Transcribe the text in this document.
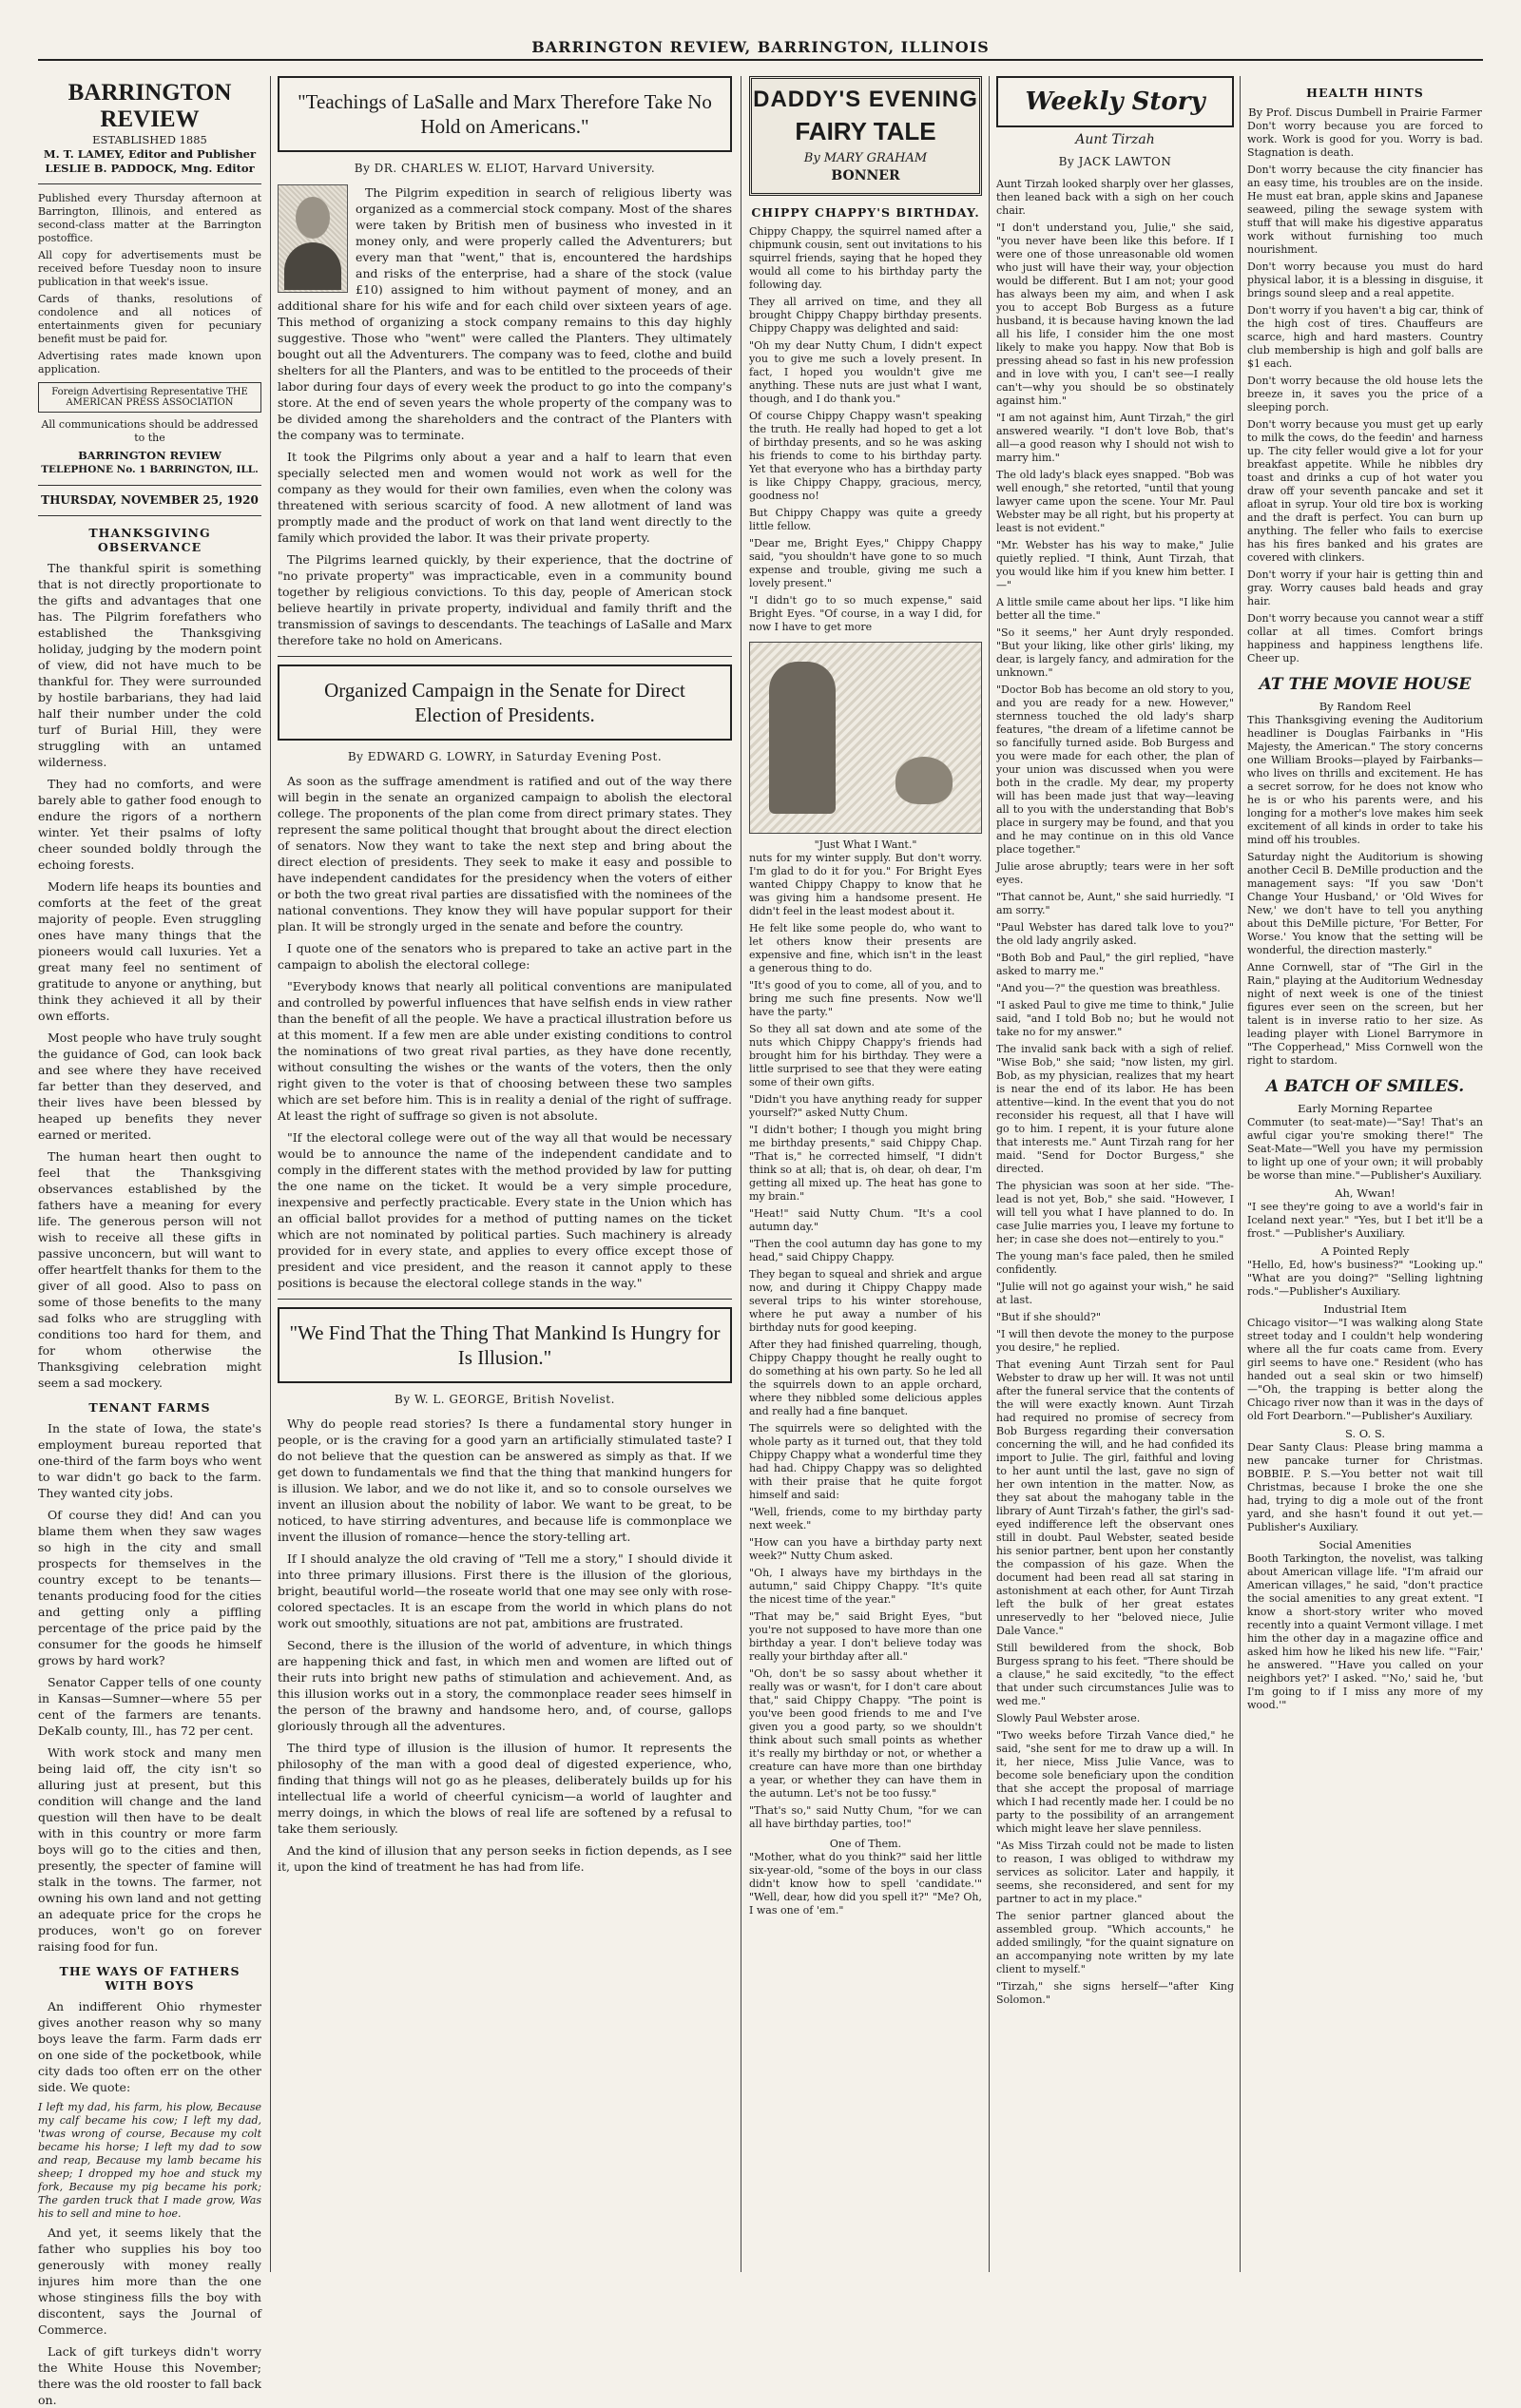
BARRINGTON REVIEW, BARRINGTON, ILLINOIS
BARRINGTON REVIEW
ESTABLISHED 1885
M. T. LAMEY, Editor and Publisher
LESLIE B. PADDOCK, Mng. Editor

Published every Thursday afternoon at Barrington, Illinois, and entered as second-class matter at the Barrington postoffice.

All copy for advertisements must be received before Tuesday noon to insure publication in that week's issue.

Cards of thanks, resolutions of condolence and all notices of entertainments given for pecuniary benefit must be paid for.

Advertising rates made known upon application.

Foreign Advertising Representative THE AMERICAN PRESS ASSOCIATION

All communications should be addressed to the

BARRINGTON REVIEW
TELEPHONE No. 1 BARRINGTON, ILL.
THURSDAY, NOVEMBER 25, 1920
THANKSGIVING OBSERVANCE

The thankful spirit is something that is not directly proportionate to the gifts and advantages that one has. The Pilgrim forefathers who established the Thanksgiving holiday, judging by the modern point of view, did not have much to be thankful for. They were surrounded by hostile barbarians, they had laid half their number under the cold turf of Burial Hill, they were struggling with an untamed wilderness.

They had no comforts, and were barely able to gather food enough to endure the rigors of a northern winter. Yet their psalms of lofty cheer sounded boldly through the echoing forests.

Modern life heaps its bounties and comforts at the feet of the great majority of people. Even struggling ones have many things that the pioneers would call luxuries. Yet a great many feel no sentiment of gratitude to anyone or anything, but think they achieved it all by their own efforts.

Most people who have truly sought the guidance of God, can look back and see where they have received far better than they deserved, and their lives have been blessed by heaped up benefits they never earned or merited.

The human heart then ought to feel that the Thanksgiving observances established by the fathers have a meaning for every life. The generous person will not wish to receive all these gifts in passive unconcern, but will want to offer heartfelt thanks for them to the giver of all good. Also to pass on some of those benefits to the many sad folks who are struggling with conditions too hard for them, and for whom otherwise the Thanksgiving celebration might seem a sad mockery.

TENANT FARMS

In the state of Iowa, the state's employment bureau reported that one-third of the farm boys who went to war didn't go back to the farm. They wanted city jobs.

Of course they did! And can you blame them when they saw wages so high in the city and small prospects for themselves in the country except to be tenants—tenants producing food for the cities and getting only a piffling percentage of the price paid by the consumer for the goods he himself grows by hard work?

Senator Capper tells of one county in Kansas—Sumner—where 55 per cent of the farmers are tenants. DeKalb county, Ill., has 72 per cent.

With work stock and many men being laid off, the city isn't so alluring just at present, but this condition will change and the land question will then have to be dealt with in this country or more farm boys will go to the cities and then, presently, the specter of famine will stalk in the towns. The farmer, not owning his own land and not getting an adequate price for the crops he produces, won't go on forever raising food for fun.

THE WAYS OF FATHERS WITH BOYS

An indifferent Ohio rhymester gives another reason why so many boys leave the farm. Farm dads err on one side of the pocketbook, while city dads too often err on the other side. We quote:

I left my dad, his farm, his plow, Because my calf became his cow; I left my dad, 'twas wrong of course, Because my colt became his horse; I left my dad to sow and reap, Because my lamb became his sheep; I dropped my hoe and stuck my fork, Because my pig became his pork; The garden truck that I made grow, Was his to sell and mine to hoe.

And yet, it seems likely that the father who supplies his boy too generously with money really injures him more than the one whose stinginess fills the boy with discontent, says the Journal of Commerce.

Lack of gift turkeys didn't worry the White House this November; there was the old rooster to fall back on.

"Teachings of LaSalle and Marx Therefore Take No Hold on Americans."
By DR. CHARLES W. ELIOT, Harvard University.

The Pilgrim expedition in search of religious liberty was organized as a commercial stock company. Most of the shares were taken by British men of business who invested in it money only, and were properly called the Adventurers; but every man that "went," that is, encountered the hardships and risks of the enterprise, had a share of the stock (value £10) assigned to him without payment of money, and an additional share for his wife and for each child over sixteen years of age. This method of organizing a stock company remains to this day highly suggestive. Those who "went" were called the Planters. They ultimately bought out all the Adventurers. The company was to feed, clothe and build shelters for all the Planters, and was to be entitled to the proceeds of their labor during four days of every week the product to go into the company's store. At the end of seven years the whole property of the company was to be divided among the shareholders and the contract of the Planters with the company was to terminate.

It took the Pilgrims only about a year and a half to learn that even specially selected men and women would not work as well for the company as they would for their own families, even when the colony was threatened with serious scarcity of food. A new allotment of land was promptly made and the product of work on that land went directly to the family which provided the labor. It was their private property.

The Pilgrims learned quickly, by their experience, that the doctrine of "no private property" was impracticable, even in a community bound together by religious convictions. To this day, people of American stock believe heartily in private property, individual and family thrift and the transmission of savings to descendants. The teachings of LaSalle and Marx therefore take no hold on Americans.

Organized Campaign in the Senate for Direct Election of Presidents.
By EDWARD G. LOWRY, in Saturday Evening Post.

As soon as the suffrage amendment is ratified and out of the way there will begin in the senate an organized campaign to abolish the electoral college. The proponents of the plan come from direct primary states. They represent the same political thought that brought about the direct election of senators. Now they want to take the next step and bring about the direct election of presidents. They seek to make it easy and possible to have independent candidates for the presidency when the voters of either or both the two great rival parties are dissatisfied with the nominees of the national conventions. They know they will have popular support for their plan. It will be strongly urged in the senate and before the country.

I quote one of the senators who is prepared to take an active part in the campaign to abolish the electoral college:

"Everybody knows that nearly all political conventions are manipulated and controlled by powerful influences that have selfish ends in view rather than the benefit of all the people. We have a practical illustration before us at this moment. If a few men are able under existing conditions to control the nominations of two great rival parties, as they have done recently, without consulting the wishes or the wants of the voters, then the only right given to the voter is that of choosing between these two samples which are set before him. This is in reality a denial of the right of suffrage. At least the right of suffrage so given is not absolute.

"If the electoral college were out of the way all that would be necessary would be to announce the name of the independent candidate and to comply in the different states with the method provided by law for putting the one name on the ticket. It would be a very simple procedure, inexpensive and perfectly practicable. Every state in the Union which has an official ballot provides for a method of putting names on the ticket which are not nominated by political parties. Such machinery is already provided for in every state, and applies to every office except those of president and vice president, and the reason it cannot apply to these positions is because the electoral college stands in the way."

"We Find That the Thing That Mankind Is Hungry for Is Illusion."
By W. L. GEORGE, British Novelist.

Why do people read stories? Is there a fundamental story hunger in people, or is the craving for a good yarn an artificially stimulated taste? I do not believe that the question can be answered as simply as that. If we get down to fundamentals we find that the thing that mankind hungers for is illusion. We labor, and we do not like it, and so to console ourselves we invent an illusion about the nobility of labor. We want to be great, to be noticed, to have stirring adventures, and because life is commonplace we invent the illusion of romance—hence the story-telling art.

If I should analyze the old craving of "Tell me a story," I should divide it into three primary illusions. First there is the illusion of the glorious, bright, beautiful world—the roseate world that one may see only with rose-colored spectacles. It is an escape from the world in which plans do not work out smoothly, situations are not pat, ambitions are frustrated.

Second, there is the illusion of the world of adventure, in which things are happening thick and fast, in which men and women are lifted out of their ruts into bright new paths of stimulation and achievement. And, as this illusion works out in a story, the commonplace reader sees himself in the person of the brawny and handsome hero, and, of course, gallops gloriously through all the adventures.

The third type of illusion is the illusion of humor. It represents the philosophy of the man with a good deal of digested experience, who, finding that things will not go as he pleases, deliberately builds up for his intellectual life a world of cheerful cynicism—a world of laughter and merry doings, in which the blows of real life are softened by a refusal to take them seriously.

And the kind of illusion that any person seeks in fiction depends, as I see it, upon the kind of treatment he has had from life.

DADDY'S EVENING
FAIRY TALE
By MARY GRAHAM
BONNER
CHIPPY CHAPPY'S BIRTHDAY.

Chippy Chappy, the squirrel named after a chipmunk cousin, sent out invitations to his squirrel friends, saying that he hoped they would all come to his birthday party the following day.

They all arrived on time, and they all brought Chippy Chappy birthday presents. Chippy Chappy was delighted and said:

"Oh my dear Nutty Chum, I didn't expect you to give me such a lovely present. In fact, I hoped you wouldn't give me anything. These nuts are just what I want, though, and I do thank you."

Of course Chippy Chappy wasn't speaking the truth. He really had hoped to get a lot of birthday presents, and so he was asking his friends to come to his birthday party. Yet that everyone who has a birthday party is like Chippy Chappy, gracious, mercy, goodness no!

But Chippy Chappy was quite a greedy little fellow.

"Dear me, Bright Eyes," Chippy Chappy said, "you shouldn't have gone to so much expense and trouble, giving me such a lovely present."

"I didn't go to so much expense," said Bright Eyes. "Of course, in a way I did, for now I have to get more

"Just What I Want."

nuts for my winter supply. But don't worry. I'm glad to do it for you." For Bright Eyes wanted Chippy Chappy to know that he was giving him a handsome present. He didn't feel in the least modest about it.

He felt like some people do, who want to let others know their presents are expensive and fine, which isn't in the least a generous thing to do.

"It's good of you to come, all of you, and to bring me such fine presents. Now we'll have the party."

So they all sat down and ate some of the nuts which Chippy Chappy's friends had brought him for his birthday. They were a little surprised to see that they were eating some of their own gifts.

"Didn't you have anything ready for supper yourself?" asked Nutty Chum.

"I didn't bother; I though you might bring me birthday presents," said Chippy Chap. "That is," he corrected himself, "I didn't think so at all; that is, oh dear, oh dear, I'm getting all mixed up. The heat has gone to my brain."

"Heat!" said Nutty Chum. "It's a cool autumn day."

"Then the cool autumn day has gone to my head," said Chippy Chappy.

They began to squeal and shriek and argue now, and during it Chippy Chappy made several trips to his winter storehouse, where he put away a number of his birthday nuts for good keeping.

After they had finished quarreling, though, Chippy Chappy thought he really ought to do something at his own party. So he led all the squirrels down to an apple orchard, where they nibbled some delicious apples and really had a fine banquet.

The squirrels were so delighted with the whole party as it turned out, that they told Chippy Chappy what a wonderful time they had had. Chippy Chappy was so delighted with their praise that he quite forgot himself and said:

"Well, friends, come to my birthday party next week."

"How can you have a birthday party next week?" Nutty Chum asked.

"Oh, I always have my birthdays in the autumn," said Chippy Chappy. "It's quite the nicest time of the year."

"That may be," said Bright Eyes, "but you're not supposed to have more than one birthday a year. I don't believe today was really your birthday after all."

"Oh, don't be so sassy about whether it really was or wasn't, for I don't care about that," said Chippy Chappy. "The point is you've been good friends to me and I've given you a good party, so we shouldn't think about such small points as whether it's really my birthday or not, or whether a creature can have more than one birthday a year, or whether they can have them in the autumn. Let's not be too fussy."

"That's so," said Nutty Chum, "for we can all have birthday parties, too!"

One of Them.

"Mother, what do you think?" said her little six-year-old, "some of the boys in our class didn't know how to spell 'candidate.'" "Well, dear, how did you spell it?" "Me? Oh, I was one of 'em."

Weekly Story
Aunt Tirzah
By JACK LAWTON

Aunt Tirzah looked sharply over her glasses, then leaned back with a sigh on her couch chair.

"I don't understand you, Julie," she said, "you never have been like this before. If I were one of those unreasonable old women who just will have their way, your objection would be different. But I am not; your good has always been my aim, and when I ask you to accept Bob Burgess as a future husband, it is because having known the lad all his life, I consider him the one most likely to make you happy. Now that Bob is pressing ahead so fast in his new profession and in love with you, I can't see—I really can't—why you should be so obstinately against him."

"I am not against him, Aunt Tirzah," the girl answered wearily. "I don't love Bob, that's all—a good reason why I should not wish to marry him."

The old lady's black eyes snapped. "Bob was well enough," she retorted, "until that young lawyer came upon the scene. Your Mr. Paul Webster may be all right, but his property at least is not evident."

"Mr. Webster has his way to make," Julie quietly replied. "I think, Aunt Tirzah, that you would like him if you knew him better. I—"

A little smile came about her lips. "I like him better all the time."

"So it seems," her Aunt dryly responded. "But your liking, like other girls' liking, my dear, is largely fancy, and admiration for the unknown."

"Doctor Bob has become an old story to you, and you are ready for a new. However," sternness touched the old lady's sharp features, "the dream of a lifetime cannot be so fancifully turned aside. Bob Burgess and you were made for each other, the plan of your union was discussed when you were both in the cradle. My dear, my property will has been made just that way—leaving all to you with the understanding that Bob's place in surgery may be found, and that you and he may continue on in this old Vance place together."

Julie arose abruptly; tears were in her soft eyes.

"That cannot be, Aunt," she said hurriedly. "I am sorry."

"Paul Webster has dared talk love to you?" the old lady angrily asked.

"Both Bob and Paul," the girl replied, "have asked to marry me."

"And you—?" the question was breathless.

"I asked Paul to give me time to think," Julie said, "and I told Bob no; but he would not take no for my answer."

The invalid sank back with a sigh of relief. "Wise Bob," she said; "now listen, my girl. Bob, as my physician, realizes that my heart is near the end of its labor. He has been attentive—kind. In the event that you do not reconsider his request, all that I have will go to him. I repent, it is your future alone that interests me." Aunt Tirzah rang for her maid. "Send for Doctor Burgess," she directed.

The physician was soon at her side. "The-lead is not yet, Bob," she said. "However, I will tell you what I have planned to do. In case Julie marries you, I leave my fortune to her; in case she does not—entirely to you."

The young man's face paled, then he smiled confidently.

"Julie will not go against your wish," he said at last.

"But if she should?"

"I will then devote the money to the purpose you desire," he replied.

That evening Aunt Tirzah sent for Paul Webster to draw up her will. It was not until after the funeral service that the contents of the will were exactly known. Aunt Tirzah had required no promise of secrecy from Bob Burgess regarding their conversation concerning the will, and he had confided its import to Julie. The girl, faithful and loving to her aunt until the last, gave no sign of her own intention in the matter. Now, as they sat about the mahogany table in the library of Aunt Tirzah's father, the girl's sad-eyed indifference left the observant ones still in doubt. Paul Webster, seated beside his senior partner, bent upon her constantly the compassion of his gaze. When the document had been read all sat staring in astonishment at each other, for Aunt Tirzah left the bulk of her great estates unreservedly to her "beloved niece, Julie Dale Vance."

Still bewildered from the shock, Bob Burgess sprang to his feet. "There should be a clause," he said excitedly, "to the effect that under such circumstances Julie was to wed me."

Slowly Paul Webster arose.

"Two weeks before Tirzah Vance died," he said, "she sent for me to draw up a will. In it, her niece, Miss Julie Vance, was to become sole beneficiary upon the condition that she accept the proposal of marriage which I had recently made her. I could be no party to the possibility of an arrangement which might leave her slave penniless.

"As Miss Tirzah could not be made to listen to reason, I was obliged to withdraw my services as solicitor. Later and happily, it seems, she reconsidered, and sent for my partner to act in my place."

The senior partner glanced about the assembled group. "Which accounts," he added smilingly, "for the quaint signature on an accompanying note written by my late client to myself."

"Tirzah," she signs herself—"after King Solomon."

HEALTH HINTS
By Prof. Discus Dumbell in Prairie Farmer

Don't worry because you are forced to work. Work is good for you. Worry is bad. Stagnation is death.

Don't worry because the city financier has an easy time, his troubles are on the inside. He must eat bran, apple skins and Japanese seaweed, piling the sewage system with stuff that will make his digestive apparatus work without furnishing too much nourishment.

Don't worry because you must do hard physical labor, it is a blessing in disguise, it brings sound sleep and a real appetite.

Don't worry if you haven't a big car, think of the high cost of tires. Chauffeurs are scarce, high and hard masters. Country club membership is high and golf balls are $1 each.

Don't worry because the old house lets the breeze in, it saves you the price of a sleeping porch.

Don't worry because you must get up early to milk the cows, do the feedin' and harness up. The city feller would give a lot for your breakfast appetite. While he nibbles dry toast and drinks a cup of hot water you draw off your seventh pancake and set it afloat in syrup. Your old tire box is working and the draft is perfect. You can burn up anything. The feller who fails to exercise has his fires banked and his grates are covered with clinkers.

Don't worry if your hair is getting thin and gray. Worry causes bald heads and gray hair.

Don't worry because you cannot wear a stiff collar at all times. Comfort brings happiness and happiness lengthens life. Cheer up.

AT THE MOVIE HOUSE
By Random Reel

This Thanksgiving evening the Auditorium headliner is Douglas Fairbanks in "His Majesty, the American." The story concerns one William Brooks—played by Fairbanks—who lives on thrills and excitement. He has a secret sorrow, for he does not know who he is or who his parents were, and his longing for a mother's love makes him seek excitement of all kinds in order to take his mind off his troubles.

Saturday night the Auditorium is showing another Cecil B. DeMille production and the management says: "If you saw 'Don't Change Your Husband,' or 'Old Wives for New,' we don't have to tell you anything about this DeMille picture, 'For Better, For Worse.' You know that the setting will be wonderful, the direction masterly."

Anne Cornwell, star of "The Girl in the Rain," playing at the Auditorium Wednesday night of next week is one of the tiniest figures ever seen on the screen, but her talent is in inverse ratio to her size. As leading player with Lionel Barrymore in "The Copperhead," Miss Cornwell won the right to stardom.

A BATCH OF SMILES.
Early Morning Repartee

Commuter (to seat-mate)—"Say! That's an awful cigar you're smoking there!" The Seat-Mate—"Well you have my permission to light up one of your own; it will probably be worse than mine."—Publisher's Auxiliary.

Ah, Wwan!

"I see they're going to ave a world's fair in Iceland next year." "Yes, but I bet it'll be a frost." —Publisher's Auxiliary.

A Pointed Reply

"Hello, Ed, how's business?" "Looking up." "What are you doing?" "Selling lightning rods."—Publisher's Auxiliary.

Industrial Item

Chicago visitor—"I was walking along State street today and I couldn't help wondering where all the fur coats came from. Every girl seems to have one." Resident (who has handed out a seal skin or two himself)—"Oh, the trapping is better along the Chicago river now than it was in the days of old Fort Dearborn."—Publisher's Auxiliary.

S. O. S.

Dear Santy Claus: Please bring mamma a new pancake turner for Christmas. BOBBIE. P. S.—You better not wait till Christmas, because I broke the one she had, trying to dig a mole out of the front yard, and she hasn't found it out yet.—Publisher's Auxiliary.

Social Amenities

Booth Tarkington, the novelist, was talking about American village life. "I'm afraid our American villages," he said, "don't practice the social amenities to any great extent. "I know a short-story writer who moved recently into a quaint Vermont village. I met him the other day in a magazine office and asked him how he liked his new life. "'Fair,' he answered. "'Have you called on your neighbors yet?' I asked. "'No,' said he, 'but I'm going to if I miss any more of my wood.'"
